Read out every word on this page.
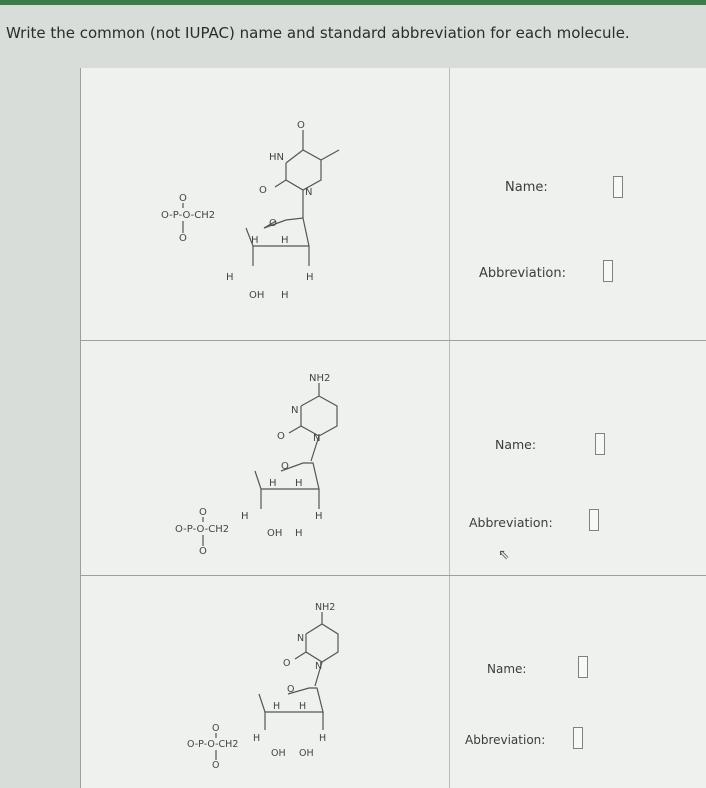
Write the common (not IUPAC) name and standard abbreviation for each molecule.
HN
O	N
O
O
O-P-O-CH2
O
O
H H
H	H
OH H
Name:
Abbreviation:
NH2
N
O	N
O
O-P-O-CH2
O
O
H H
H	H
OH H
Name:
Abbreviation:
⇖
NH2
N
O	N
O
O-P-O-CH2
O
O
H H
H	H
OH OH
Name:
Abbreviation:
